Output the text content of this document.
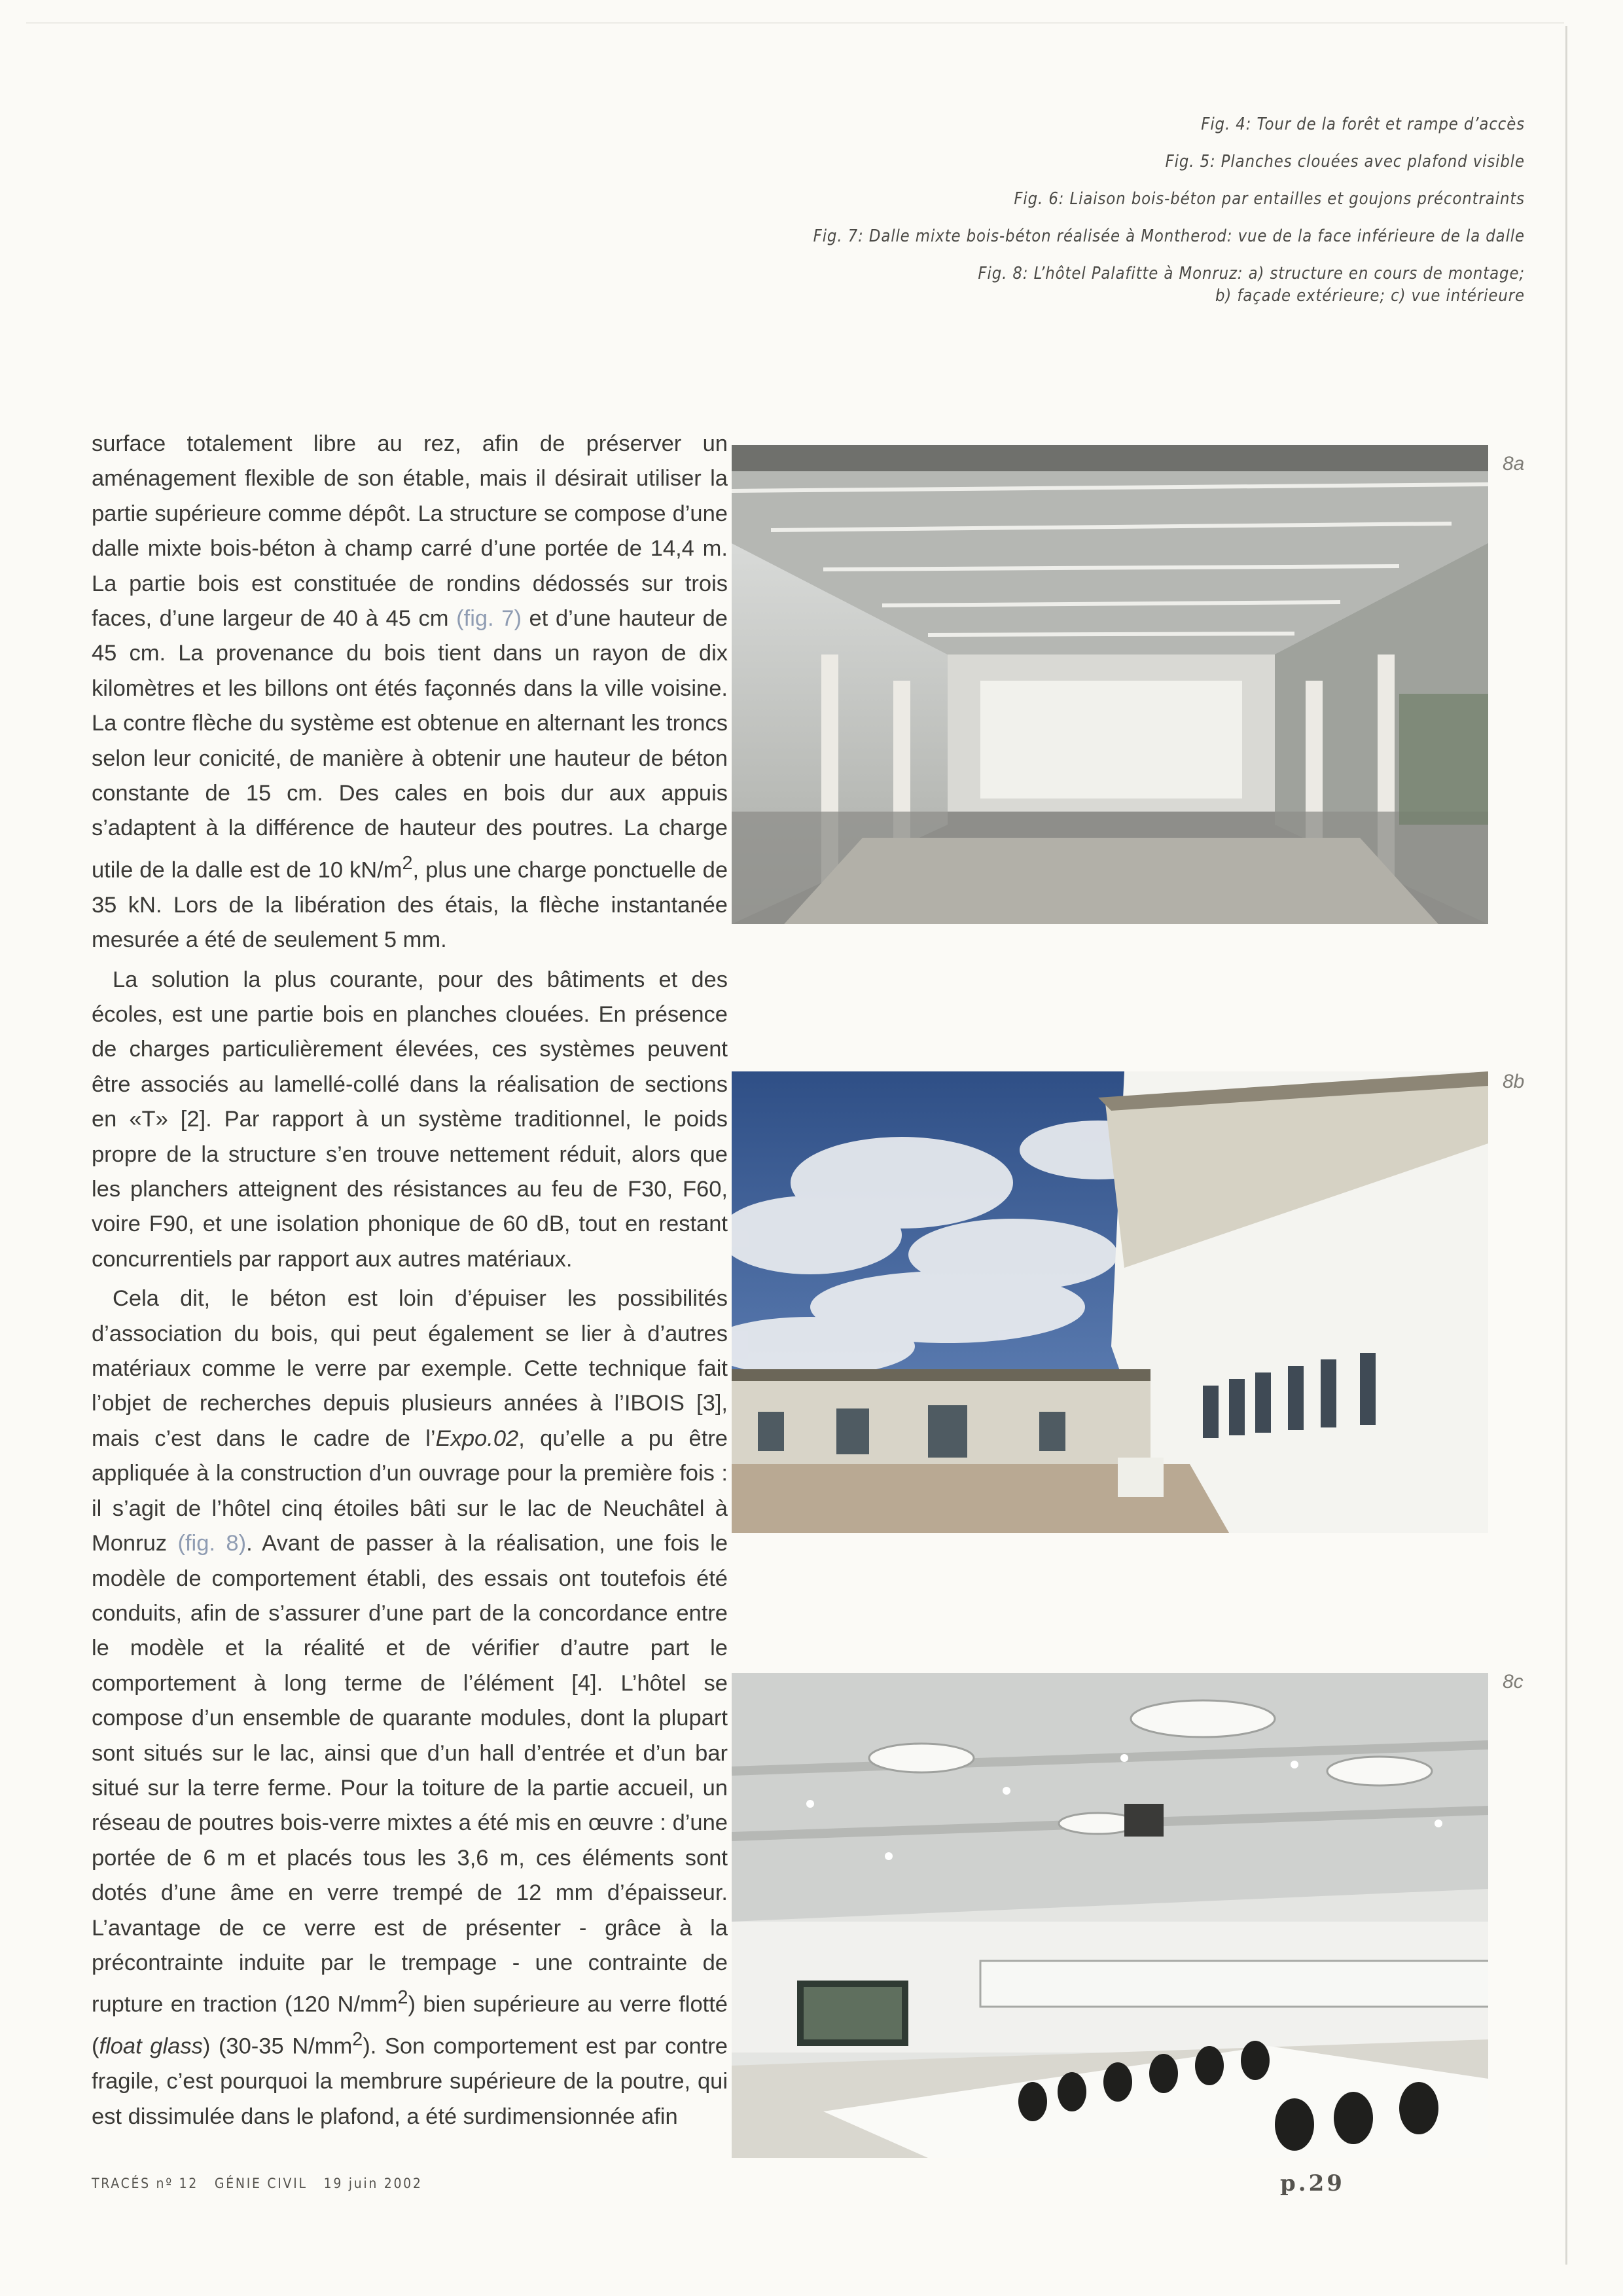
Fig. 4: Tour de la forêt et rampe d’accès

Fig. 5: Planches clouées avec plafond visible

Fig. 6: Liaison bois-béton par entailles et goujons précontraints

Fig. 7: Dalle mixte bois-béton réalisée à Montherod: vue de la face inférieure de la dalle

Fig. 8: L’hôtel Palafitte à Monruz: a) structure en cours de montage;

b) façade extérieure; c) vue intérieure

surface totalement libre au rez, afin de préserver un aménagement flexible de son étable, mais il désirait utiliser la partie supérieure comme dépôt. La structure se compose d’une dalle mixte bois-béton à champ carré d’une portée de 14,4 m. La partie bois est constituée de rondins dédossés sur trois faces, d’une largeur de 40 à 45 cm (fig. 7) et d’une hauteur de 45 cm. La provenance du bois tient dans un rayon de dix kilomètres et les billons ont étés façonnés dans la ville voisine. La contre flèche du système est obtenue en alternant les troncs selon leur conicité, de manière à obtenir une hauteur de béton constante de 15 cm. Des cales en bois dur aux appuis s’adaptent à la différence de hauteur des poutres. La charge utile de la dalle est de 10 $kN/m^2$, plus une charge ponctuelle de 35 kN. Lors de la libération des étais, la flèche instantanée mesurée a été de seulement 5 mm.

La solution la plus courante, pour des bâtiments et des écoles, est une partie bois en planches clouées. En présence de charges particulièrement élevées, ces systèmes peuvent être associés au lamellé-collé dans la réalisation de sections en «T» [2]. Par rapport à un système traditionnel, le poids propre de la structure s’en trouve nettement réduit, alors que les planchers atteignent des résistances au feu de F30, F60, voire F90, et une isolation phonique de 60 dB, tout en restant concurrentiels par rapport aux autres matériaux.

Cela dit, le béton est loin d’épuiser les possibilités d’association du bois, qui peut également se lier à d’autres matériaux comme le verre par exemple. Cette technique fait l’objet de recherches depuis plusieurs années à l’IBOIS [3], mais c’est dans le cadre de l’Expo.02, qu’elle a pu être appliquée à la construction d’un ouvrage pour la première fois : il s’agit de l’hôtel cinq étoiles bâti sur le lac de Neuchâtel à Monruz (fig. 8). Avant de passer à la réalisation, une fois le modèle de comportement établi, des essais ont toutefois été conduits, afin de s’assurer d’une part de la concordance entre le modèle et la réalité et de vérifier d’autre part le comportement à long terme de l’élément [4]. L’hôtel se compose d’un ensemble de quarante modules, dont la plupart sont situés sur le lac, ainsi que d’un hall d’entrée et d’un bar situé sur la terre ferme. Pour la toiture de la partie accueil, un réseau de poutres bois-verre mixtes a été mis en œuvre : d’une portée de 6 m et placés tous les 3,6 m, ces éléments sont dotés d’une âme en verre trempé de 12 mm d’épaisseur. L’avantage de ce verre est de présenter - grâce à la précontrainte induite par le trempage - une contrainte de rupture en traction (120 $N/mm^2$) bien supérieure au verre flotté (float glass) (30-35 $N/mm^2$). Son comportement est par contre fragile, c’est pourquoi la membrure supérieure de la poutre, qui est dissimulée dans le plafond, a été surdimensionnée afin

8a
8b
8c
TRACÉS nº 12 GÉNIE CIVIL 19 juin 2002	p.29
